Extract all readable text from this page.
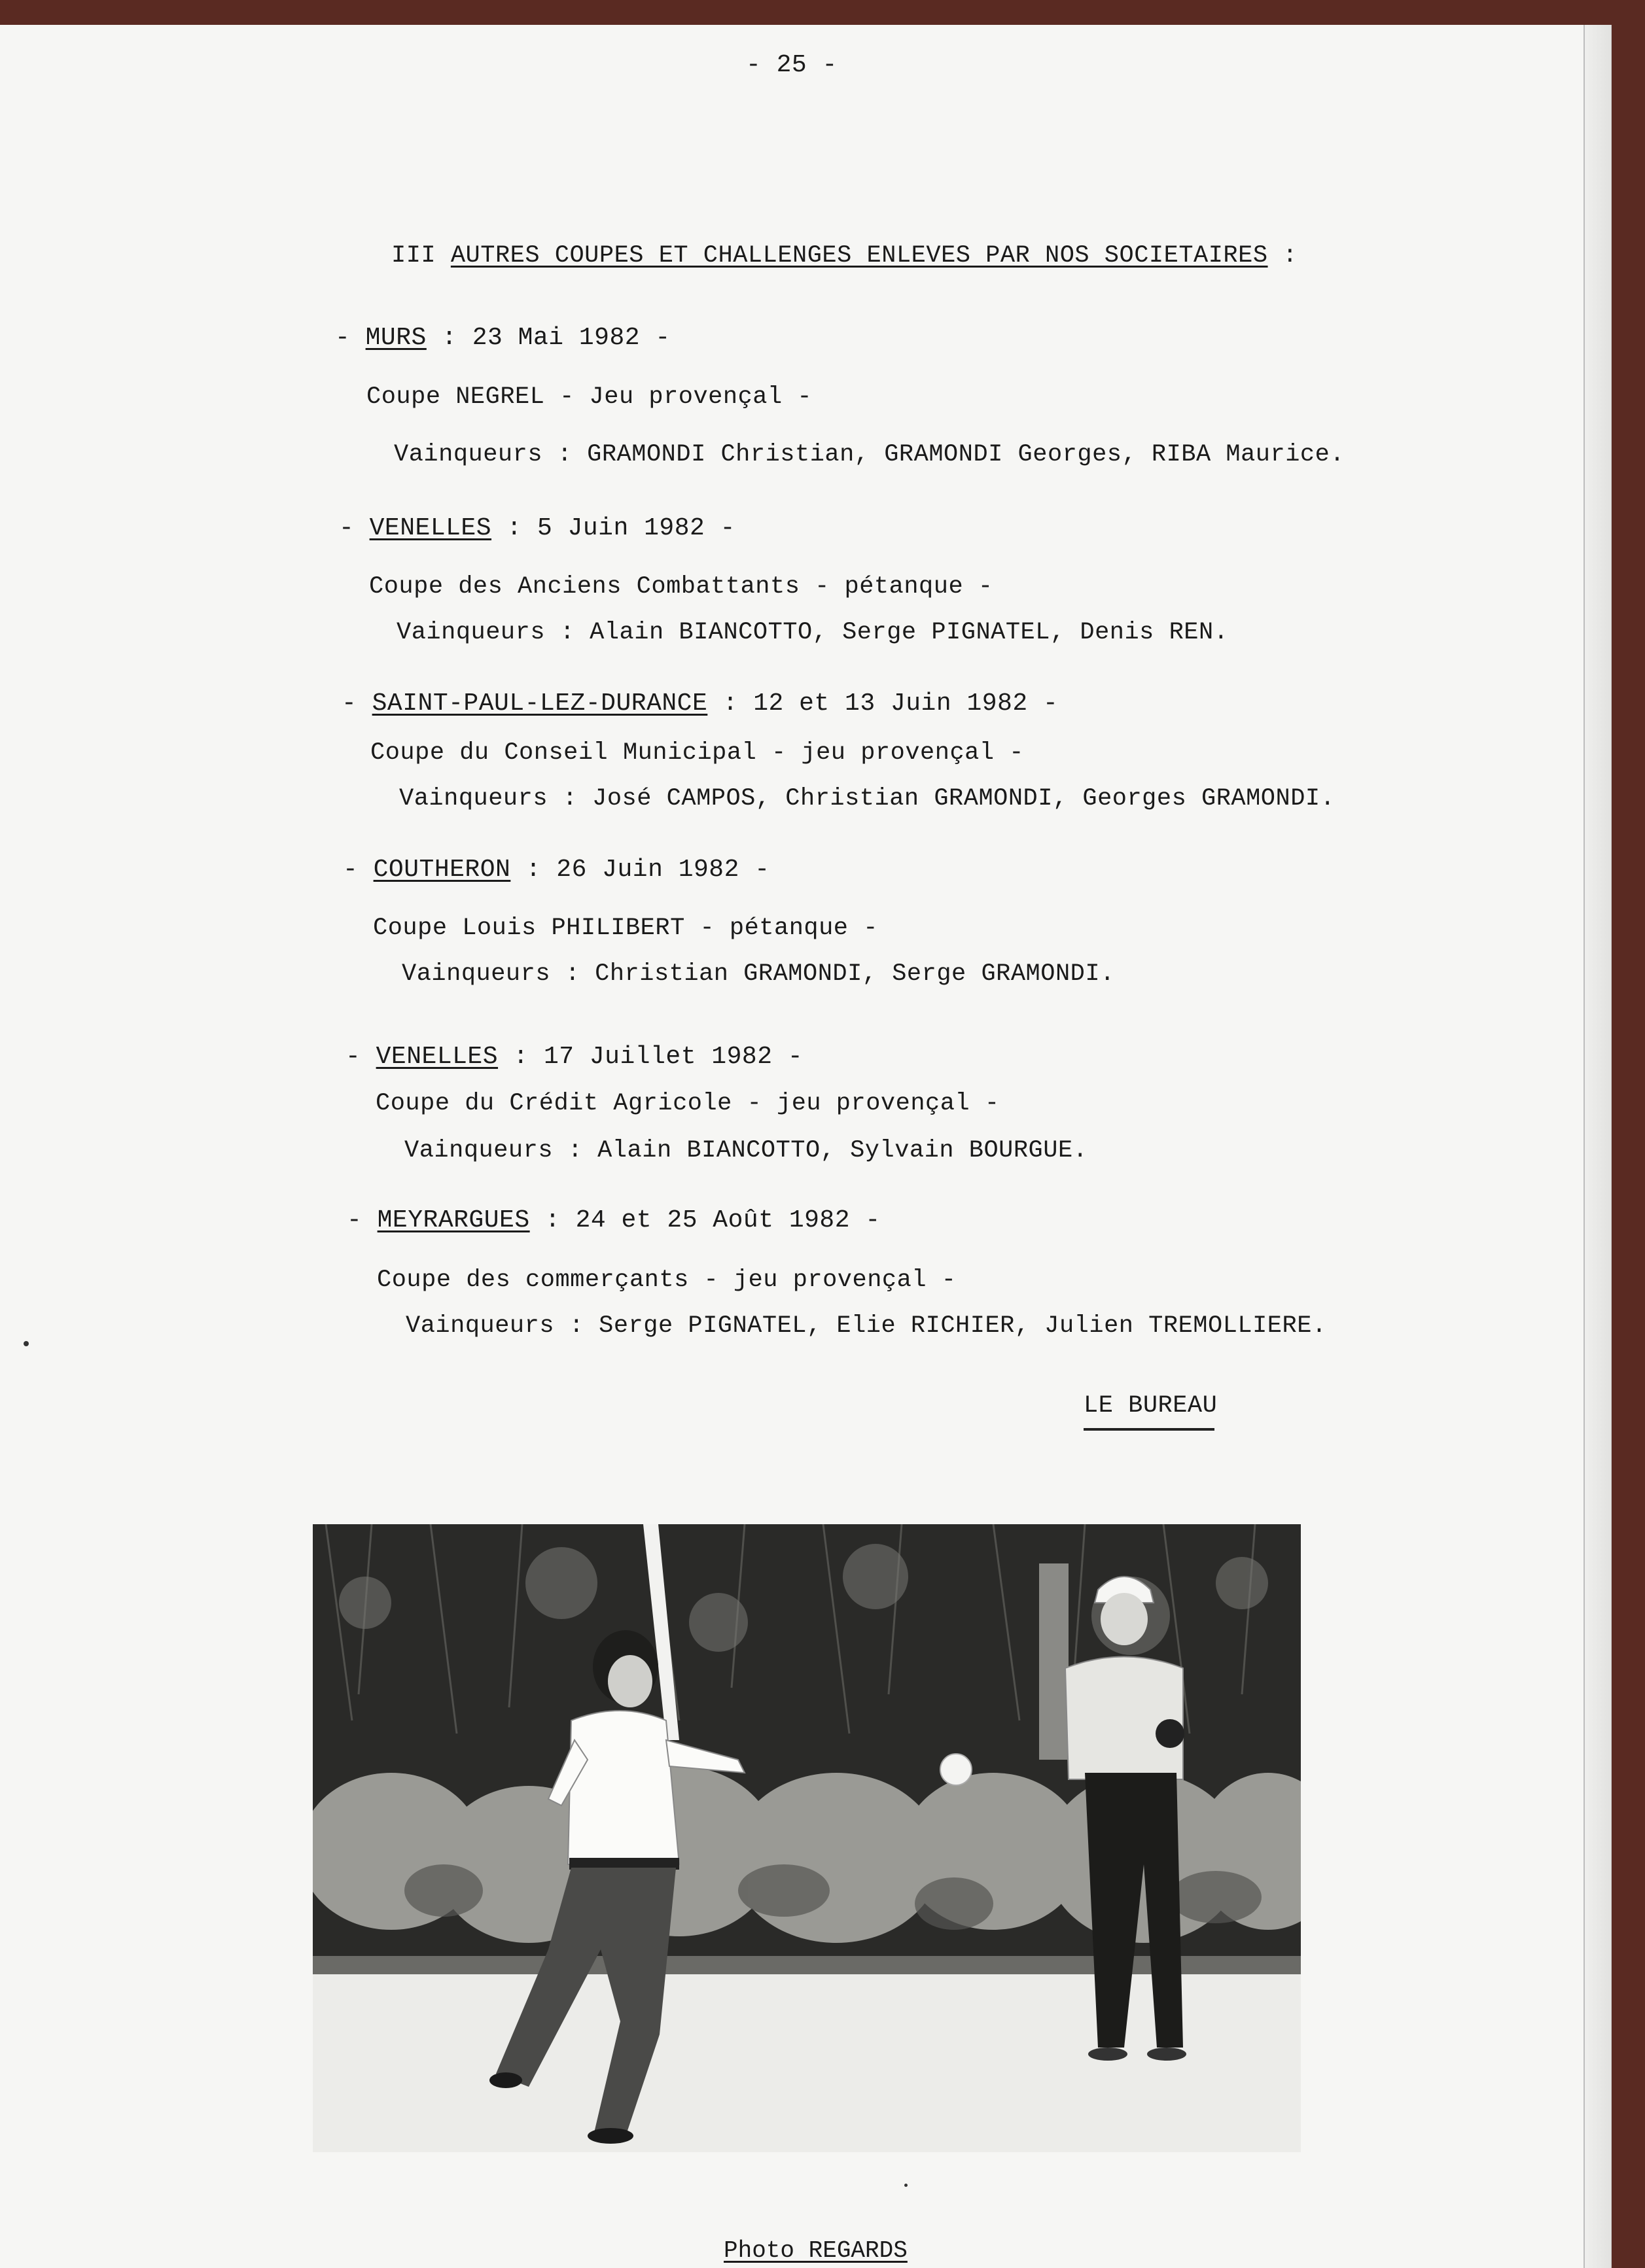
- 25 -
III AUTRES COUPES ET CHALLENGES ENLEVES PAR NOS SOCIETAIRES :
- MURS : 23 Mai 1982 -
Coupe NEGREL - Jeu provençal -
Vainqueurs : GRAMONDI Christian, GRAMONDI Georges, RIBA Maurice.
- VENELLES : 5 Juin 1982 -
Coupe des Anciens Combattants - pétanque -
Vainqueurs : Alain BIANCOTTO, Serge PIGNATEL, Denis REN.
- SAINT-PAUL-LEZ-DURANCE : 12 et 13 Juin 1982 -
Coupe du Conseil Municipal - jeu provençal -
Vainqueurs : José CAMPOS, Christian GRAMONDI, Georges GRAMONDI.
- COUTHERON : 26 Juin 1982 -
Coupe Louis PHILIBERT - pétanque -
Vainqueurs : Christian GRAMONDI, Serge GRAMONDI.
- VENELLES : 17 Juillet 1982 -
Coupe du Crédit Agricole - jeu provençal -
Vainqueurs : Alain BIANCOTTO, Sylvain BOURGUE.
- MEYRARGUES : 24 et 25 Août 1982 -
Coupe des commerçants - jeu provençal -
Vainqueurs : Serge PIGNATEL, Elie RICHIER, Julien TREMOLLIERE.
LE BUREAU
Photo REGARDS
